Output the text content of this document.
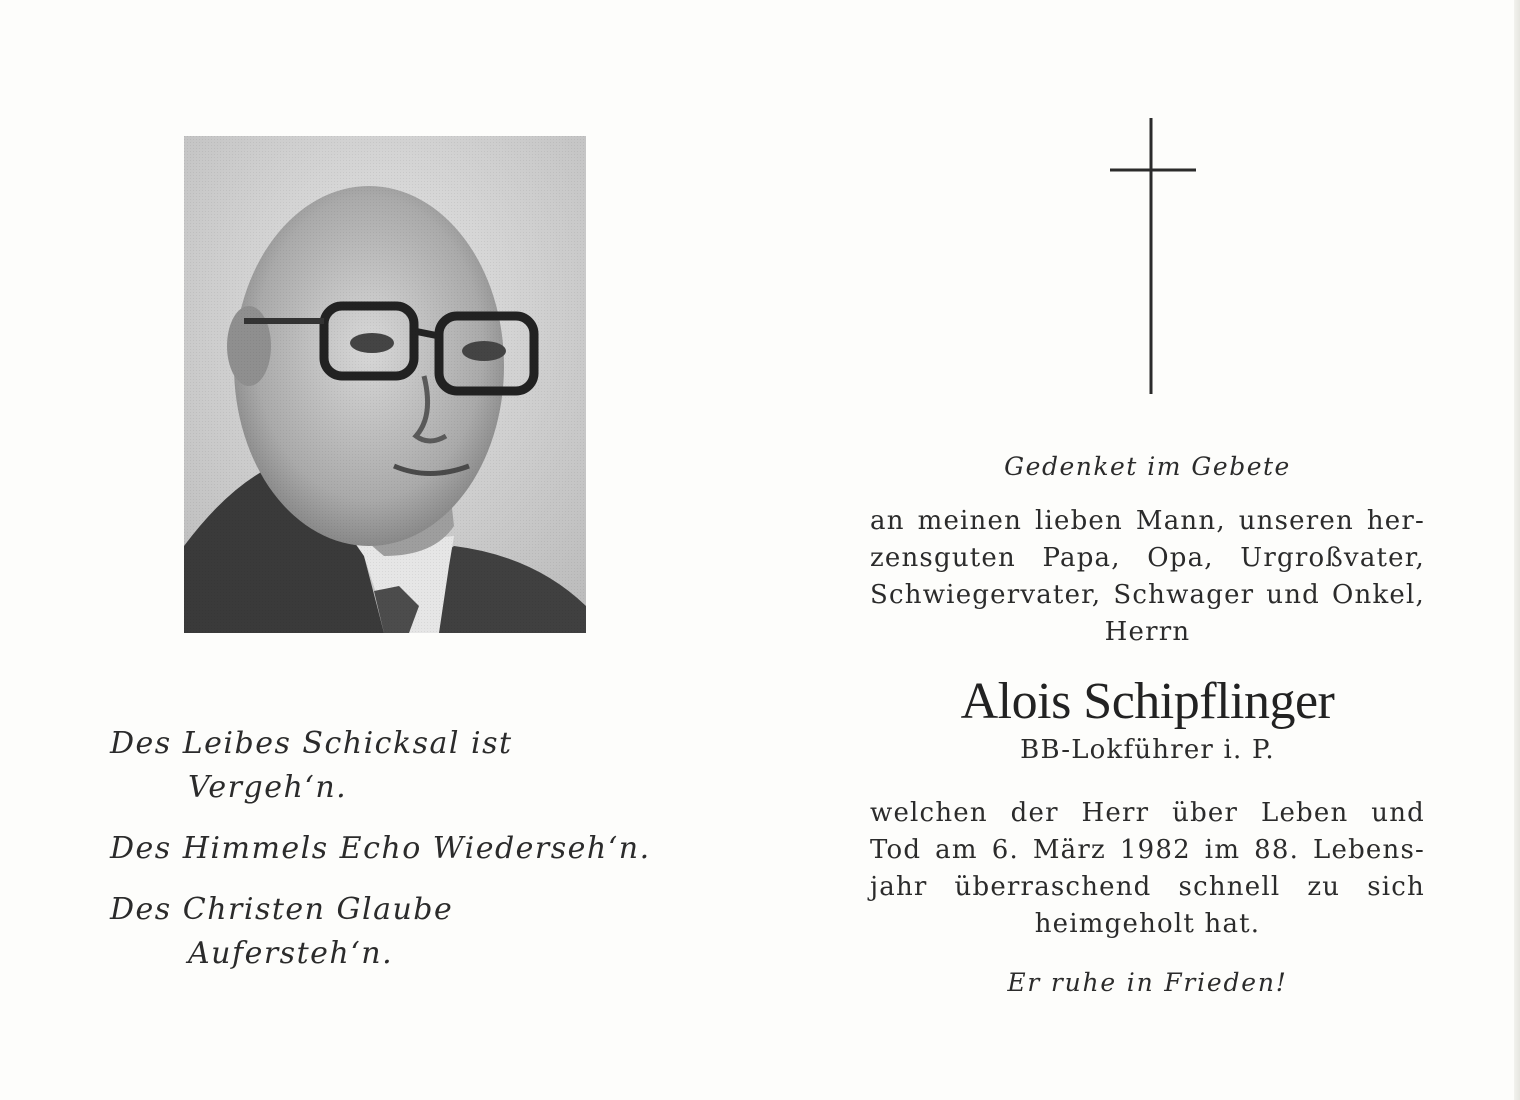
Des Leibes Schicksal ist
Vergeh‘n.
Des Himmels Echo Wiederseh‘n.
Des Christen Glaube
Aufersteh‘n.
Gedenket im Gebete
an meinen lieben Mann, unseren her-
zensguten Papa, Opa, Urgroßvater,
Schwiegervater, Schwager und Onkel,
Herrn
Alois Schipflinger
BB-Lokführer i. P.
welchen der Herr über Leben und
Tod am 6. März 1982 im 88. Lebens-
jahr überraschend schnell zu sich
heimgeholt hat.
Er ruhe in Frieden!
